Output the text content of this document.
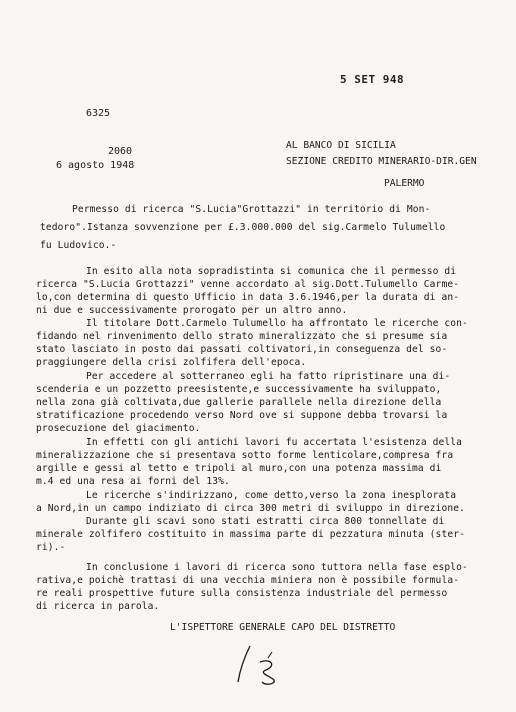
5 SET 948
6325
AL BANCO DI SICILIA
SEZIONE CREDITO MINERARIO-DIR.GEN
PALERMO
2060
6 agosto 1948
Permesso di ricerca "S.Lucia"Grottazzi" in territorio di Mon-
tedoro".Istanza sovvenzione per £.3.000.000 del sig.Carmelo Tulumello
fu Ludovico.-
In esito alla nota sopradistinta si comunica che il permesso di
ricerca "S.Lucia Grottazzi" venne accordato al sig.Dott.Tulumello Carme-
lo,con determina di questo Ufficio in data 3.6.1946,per la durata di an-
ni due e successivamente prorogato per un altro anno.
Il titolare Dott.Carmelo Tulumello ha affrontato le ricerche con-
fidando nel rinvenimento dello strato mineralizzato che si presume sia
stato lasciato in posto dai passati coltivatori,in conseguenza del so-
praggiungere della crisi zolfifera dell'epoca.
Per accedere al sotterraneo egli ha fatto ripristinare una di-
scenderia e un pozzetto preesistente,e successivamente ha sviluppato,
nella zona già coltivata,due gallerie parallele nella direzione della
stratificazione procedendo verso Nord ove si suppone debba trovarsi la
prosecuzione del giacimento.
In effetti con gli antichi lavori fu accertata l'esistenza della
mineralizzazione che si presentava sotto forme lenticolare,compresa fra
argille e gessi al tetto e tripoli al muro,con una potenza massima di
m.4 ed una resa ai forni del 13%.
Le ricerche s'indirizzano, come detto,verso la zona inesplorata
a Nord,in un campo indiziato di circa 300 metri di sviluppo in direzione.
Durante gli scavi sono stati estratti circa 800 tonnellate di
minerale zolfifero costituito in massima parte di pezzatura minuta (ster-
ri).-
In conclusione i lavori di ricerca sono tuttora nella fase esplo-
rativa,e poichè trattasi di una vecchia miniera non è possibile formula-
re reali prospettive future sulla consistenza industriale del permesso
di ricerca in parola.
L'ISPETTORE GENERALE CAPO DEL DISTRETTO
